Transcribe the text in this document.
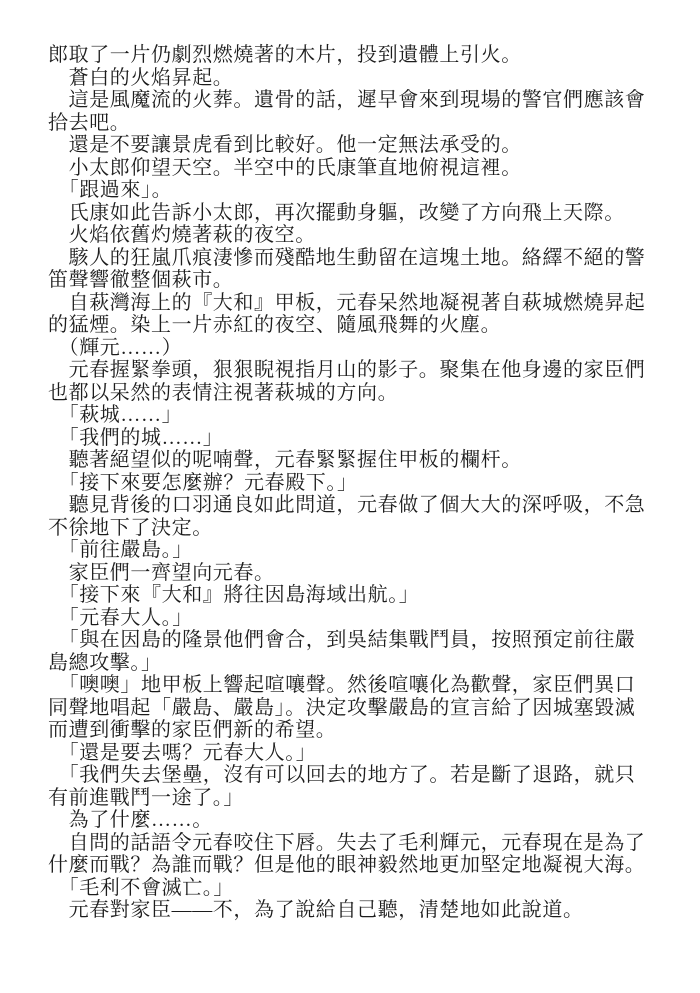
郎取了一片仍劇烈燃燒著的木片，投到遺體上引火。
　蒼白的火焰昇起。
　這是風魔流的火葬。遺骨的話，遲早會來到現場的警官們應該會
拾去吧。
　還是不要讓景虎看到比較好。他一定無法承受的。
　小太郎仰望天空。半空中的氏康筆直地俯視這裡。
　「跟過來」。
　氏康如此告訴小太郎，再次擺動身軀，改變了方向飛上天際。
　火焰依舊灼燒著萩的夜空。
　駭人的狂嵐爪痕淒慘而殘酷地生動留在這塊土地。絡繹不絕的警
笛聲響徹整個萩市。
　自萩灣海上的『大和』甲板，元春呆然地凝視著自萩城燃燒昇起
的猛煙。染上一片赤紅的夜空、隨風飛舞的火塵。
　（輝元……）
　元春握緊拳頭，狠狠睨視指月山的影子。聚集在他身邊的家臣們
也都以呆然的表情注視著萩城的方向。
　「萩城……」
　「我們的城……」
　聽著絕望似的呢喃聲，元春緊緊握住甲板的欄杆。
　「接下來要怎麼辦？元春殿下。」
　聽見背後的口羽通良如此問道，元春做了個大大的深呼吸，不急
不徐地下了決定。
　「前往嚴島。」
　家臣們一齊望向元春。
　「接下來『大和』將往因島海域出航。」
　「元春大人。」
　「與在因島的隆景他們會合，到吳結集戰鬥員，按照預定前往嚴
島總攻擊。」
　「噢噢」地甲板上響起喧嚷聲。然後喧嚷化為歡聲，家臣們異口
同聲地唱起「嚴島、嚴島」。決定攻擊嚴島的宣言給了因城塞毀滅
而遭到衝擊的家臣們新的希望。
　「還是要去嗎？元春大人。」
　「我們失去堡壘，沒有可以回去的地方了。若是斷了退路，就只
有前進戰鬥一途了。」
　為了什麼……。
　自問的話語令元春咬住下唇。失去了毛利輝元，元春現在是為了
什麼而戰？為誰而戰？但是他的眼神毅然地更加堅定地凝視大海。
　「毛利不會滅亡。」
　元春對家臣——不，為了說給自己聽，清楚地如此說道。
